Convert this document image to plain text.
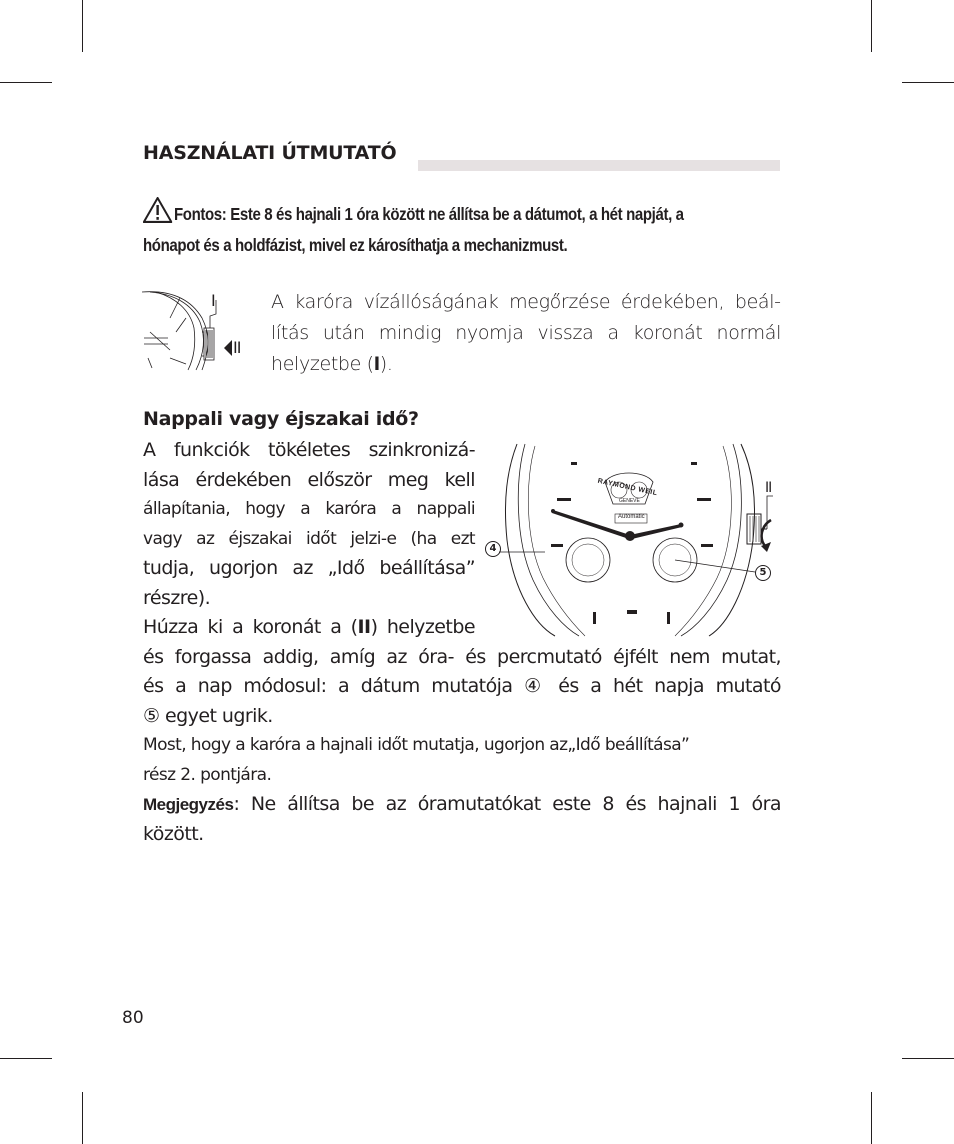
HASZNÁLATI ÚTMUTATÓ
Fontos: Este 8 és hajnali 1 óra között ne állítsa be a dátumot, a hét napját, a
hónapot és a holdfázist, mivel ez károsíthatja a mechanizmust.
I
II
A karóra vízállóságának megőrzése érdekében, beállítás után mindig nyomja vissza a koronát normál helyzetbe (I).
Nappali vagy éjszakai idő?
A funkciók tökéletes szinkronizá-
lása érdekében először meg kell
állapítania, hogy a karóra a nappali
vagy az éjszakai időt jelzi-e (ha ezt
tudja, ugorjon az „Idő beállítása”
részre).
Húzza ki a koronát a (II) helyzetbe
és forgassa addig, amíg az óra- és percmutató éjfélt nem mutat,
és a nap módosul: a dátum mutatója ④ és a hét napja mutató
⑤ egyet ugrik.
Most, hogy a karóra a hajnali időt mutatja, ugorjon az„Idő beállítása”
rész 2. pontjára.
Megjegyzés: Ne állítsa be az óramutatókat este 8 és hajnali 1 óra
között.
RAYMOND WEIL
GENEVE
Automatic
II
4
5
80
